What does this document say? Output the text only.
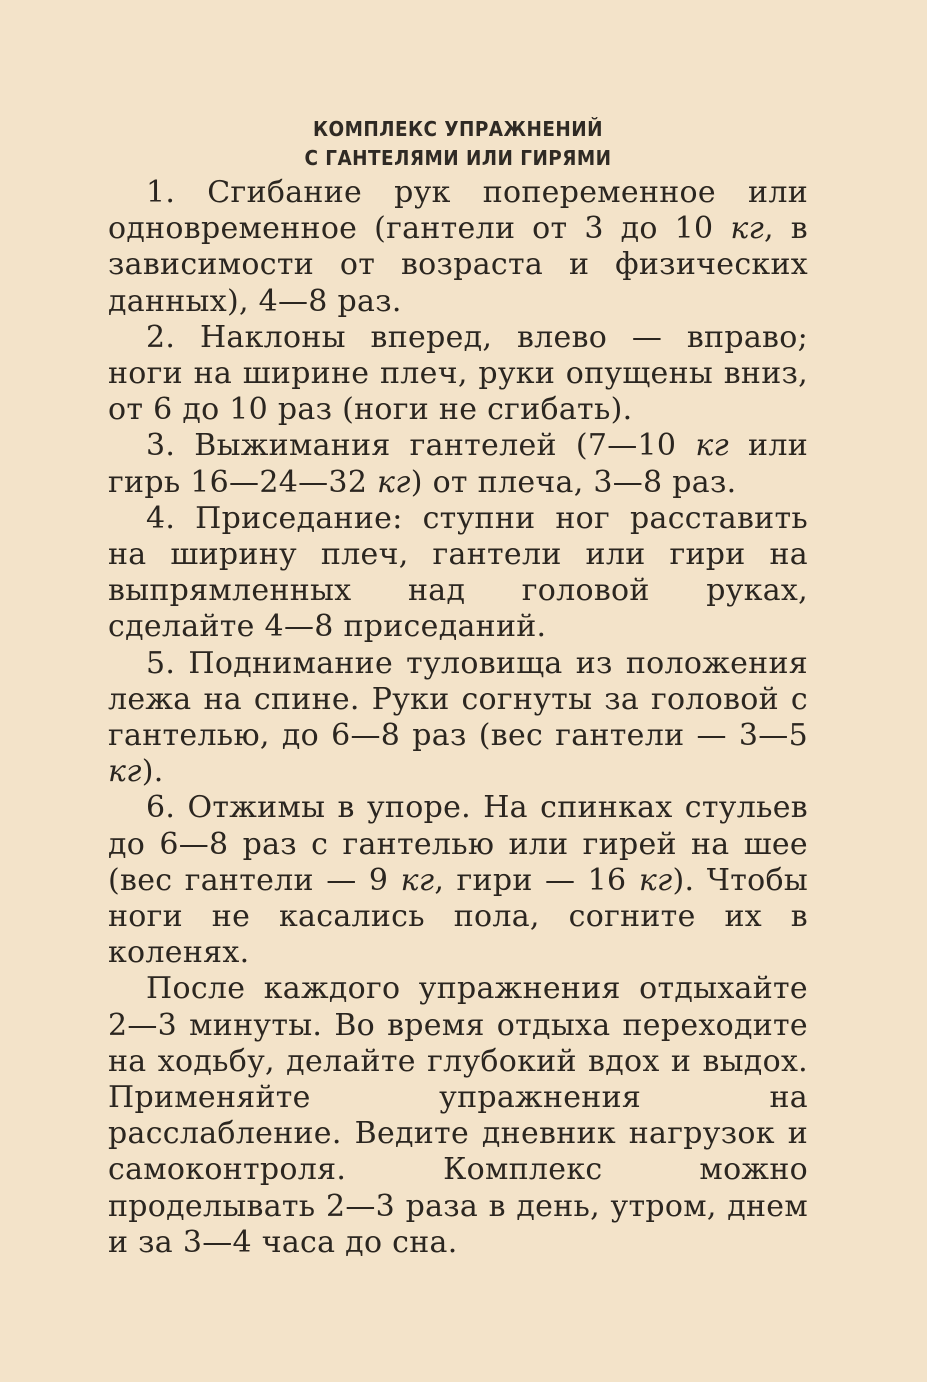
КОМПЛЕКС УПРАЖНЕНИЙ
С ГАНТЕЛЯМИ ИЛИ ГИРЯМИ

1. Сгибание рук попеременное или одновременное (гантели от 3 до 10 кг, в зависимости от возраста и физических данных), 4—8 раз.

2. Наклоны вперед, влево — вправо; ноги на ширине плеч, руки опущены вниз, от 6 до 10 раз (ноги не сгибать).

3. Выжимания гантелей (7—10 кг или гирь 16—24—32 кг) от плеча, 3—8 раз.

4. Приседание: ступни ног расставить на ширину плеч, гантели или гири на выпрямленных над головой руках, сделайте 4—8 приседаний.

5. Поднимание туловища из положения лежа на спине. Руки согнуты за головой с гантелью, до 6—8 раз (вес гантели — 3—5 кг).

6. Отжимы в упоре. На спинках стульев до 6—8 раз с гантелью или гирей на шее (вес гантели — 9 кг, гири — 16 кг). Чтобы ноги не касались пола, согните их в коленях.

После каждого упражнения отдыхайте 2—3 минуты. Во время отдыха переходите на ходьбу, делайте глубокий вдох и выдох. Применяйте упражнения на расслабление. Ведите дневник нагрузок и самоконтроля. Комплекс можно проделывать 2—3 раза в день, утром, днем и за 3—4 часа до сна.
